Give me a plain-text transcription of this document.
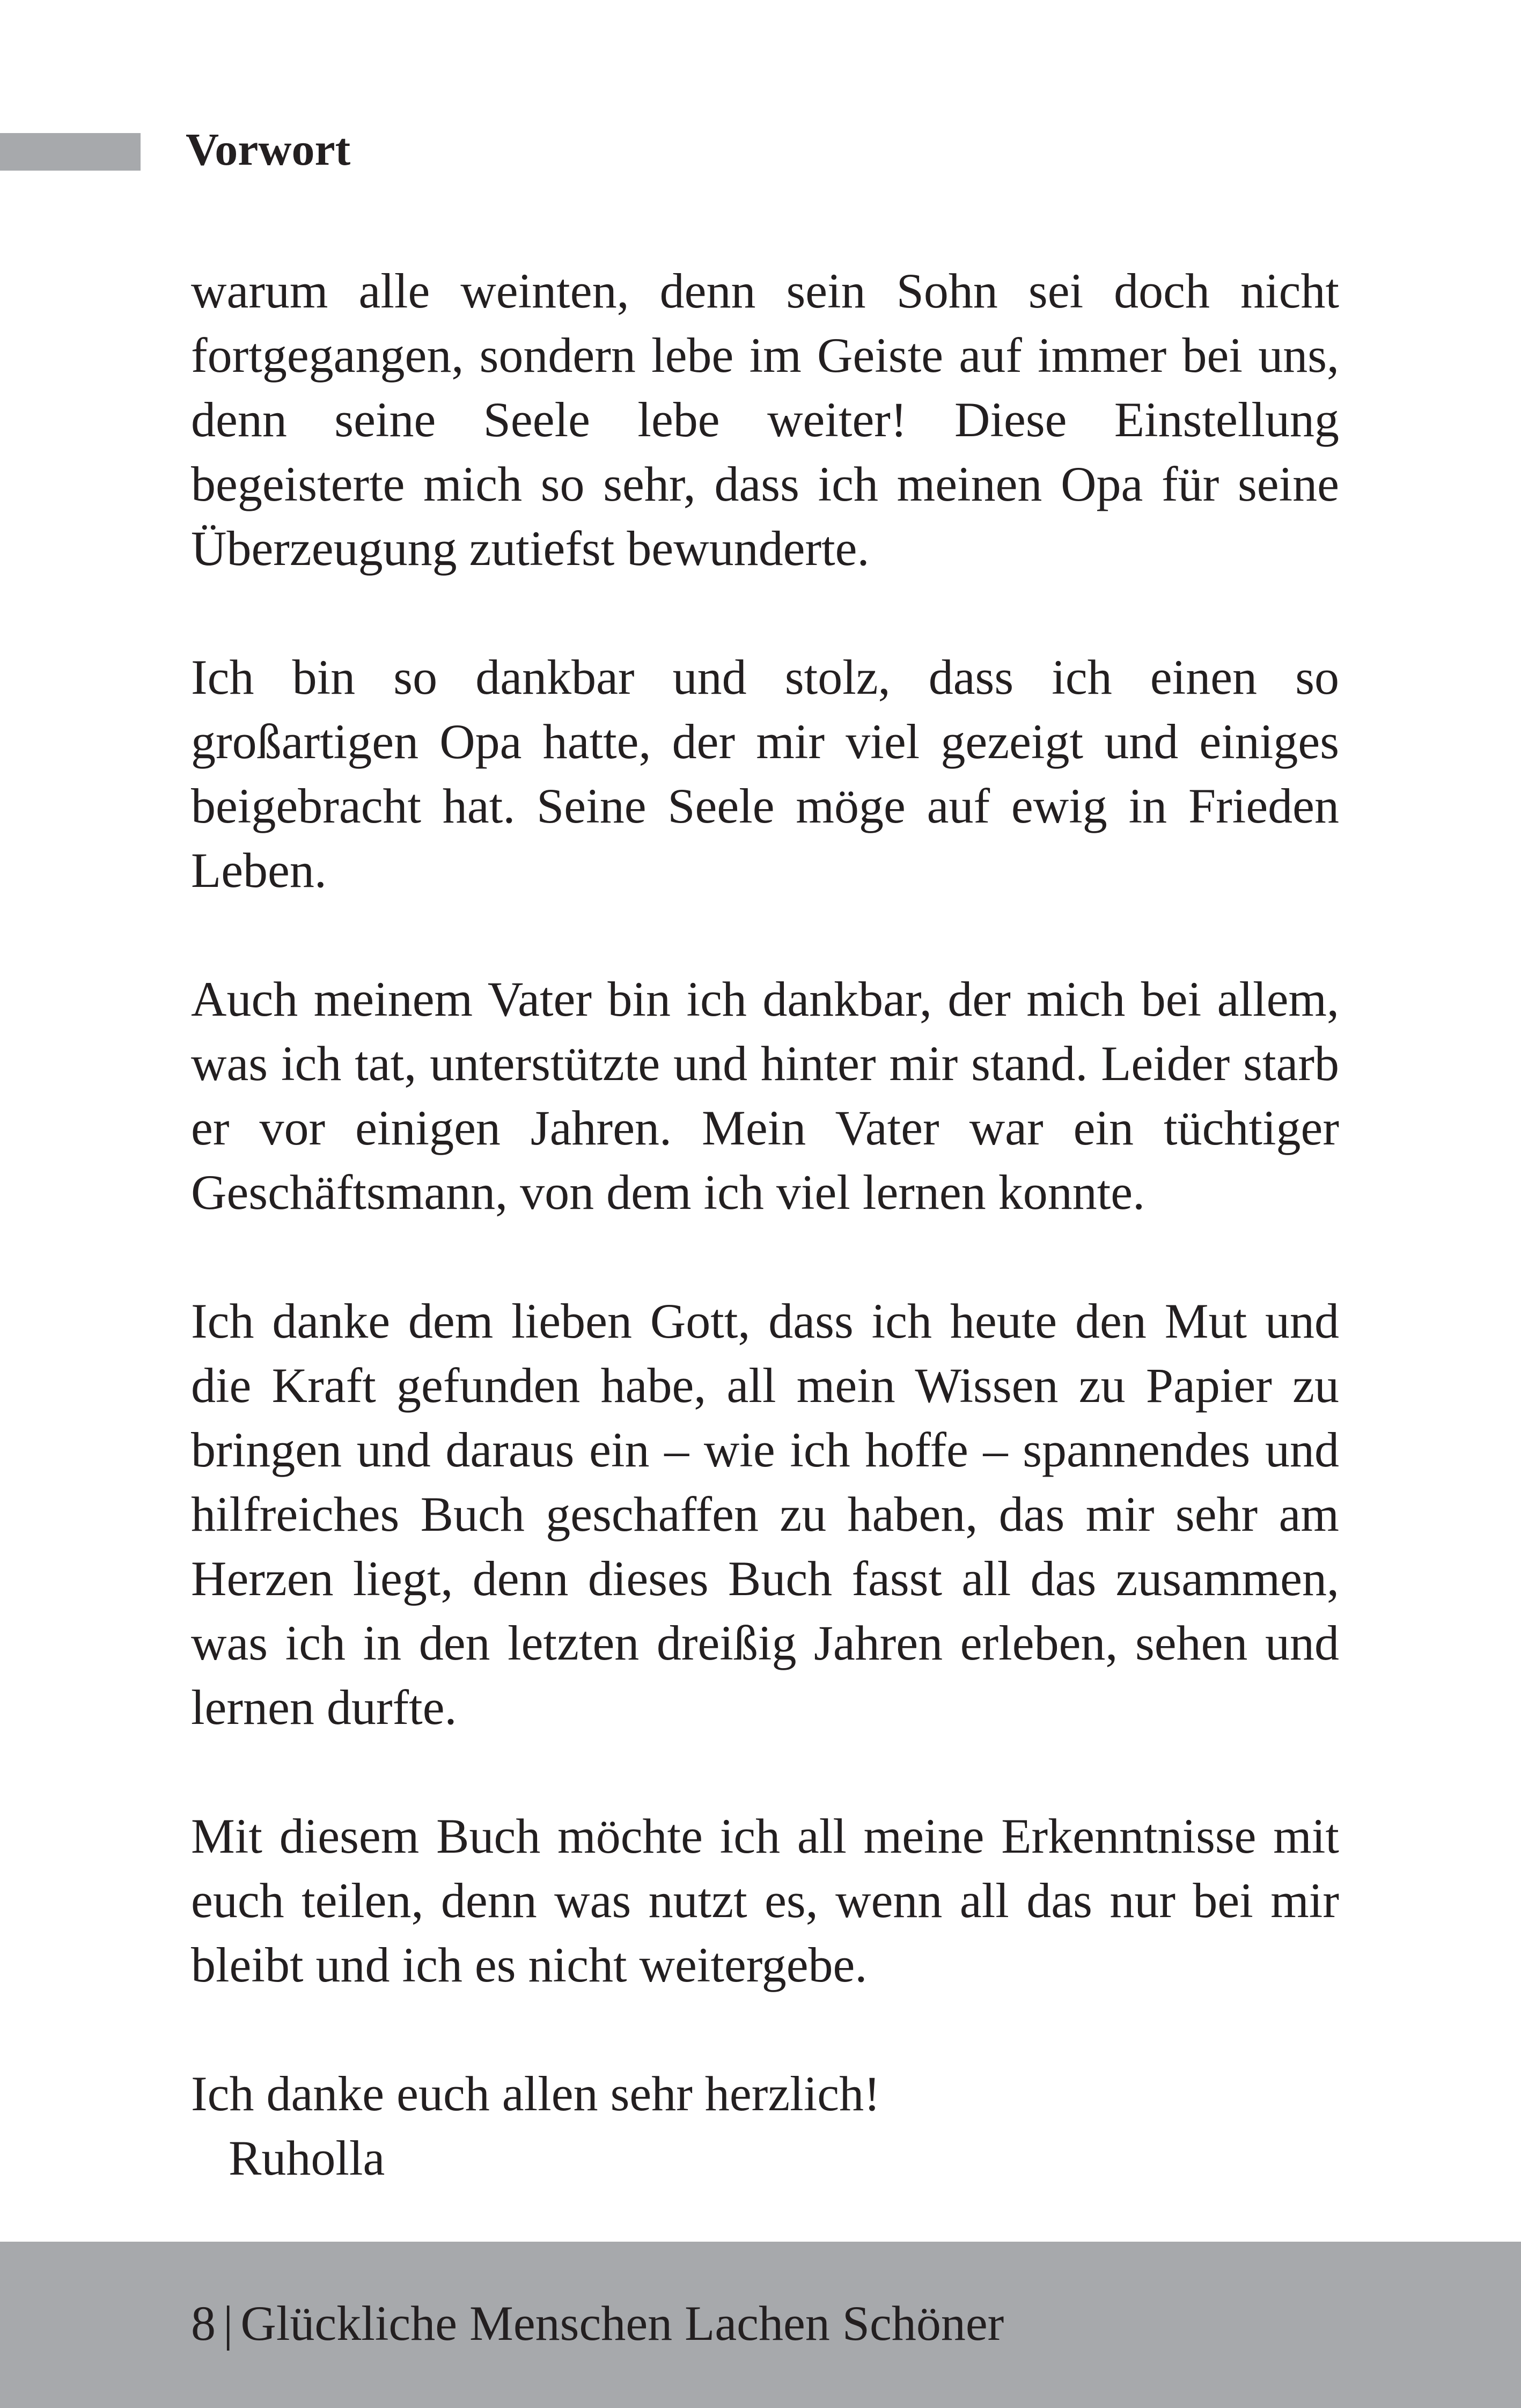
Vorwort

warum alle weinten, denn sein Sohn sei doch nicht fortgegangen, sondern lebe im Geiste auf immer bei uns, denn seine Seele lebe weiter! Diese Einstellung begeisterte mich so sehr, dass ich meinen Opa für seine Überzeugung zutiefst bewunderte.

Ich bin so dankbar und stolz, dass ich einen so großartigen Opa hatte, der mir viel gezeigt und einiges beigebracht hat. Seine Seele möge auf ewig in Frieden Leben.

Auch meinem Vater bin ich dankbar, der mich bei allem, was ich tat, unterstützte und hinter mir stand. Leider starb er vor einigen Jahren. Mein Vater war ein tüchtiger Geschäftsmann, von dem ich viel lernen konnte.

Ich danke dem lieben Gott, dass ich heute den Mut und die Kraft gefunden habe, all mein Wissen zu Papier zu bringen und daraus ein – wie ich hoffe – spannendes und hilfreiches Buch geschaffen zu haben, das mir sehr am Herzen liegt, denn dieses Buch fasst all das zusammen, was ich in den letzten dreißig Jahren erleben, sehen und lernen durfte.

Mit diesem Buch möchte ich all meine Erkenntnisse mit euch teilen, denn was nutzt es, wenn all das nur bei mir bleibt und ich es nicht weitergebe.

Ich danke euch allen sehr herzlich!

Ruholla

8 | Glückliche Menschen Lachen Schöner
